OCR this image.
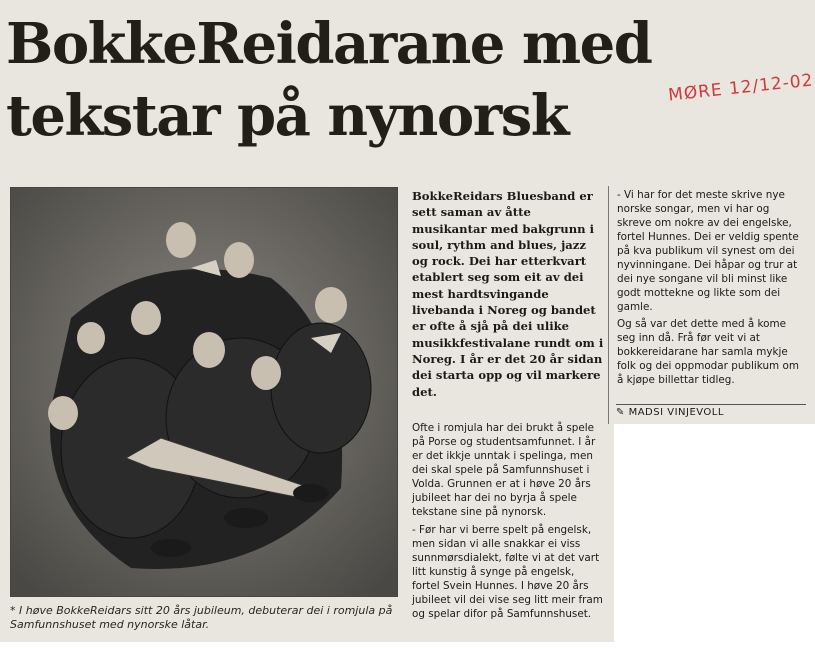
BokkeReidarane med
tekstar på nynorsk	MØRE 12/12-02
* I høve BokkeReidars sitt 20 års jubileum, debuterar dei i romjula på Samfunnshuset med nynorske låtar.
BokkeReidars Bluesband er sett saman av åtte musikantar med bakgrunn i soul, rythm and blues, jazz og rock. Dei har etterkvart etablert seg som eit av dei mest hardtsvingande livebanda i Noreg og bandet er ofte å sjå på dei ulike musikkfestivalane rundt om i Noreg. I år er det 20 år sidan dei starta opp og vil markere det.

Ofte i romjula har dei brukt å spele på Porse og studentsamfunnet. I år er det ikkje unntak i spelinga, men dei skal spele på Samfunnshuset i Volda. Grunnen er at i høve 20 års jubileet har dei no byrja å spele tekstane sine på nynorsk.

- Før har vi berre spelt på engelsk, men sidan vi alle snakkar ei viss sunnmørsdialekt, følte vi at det vart litt kunstig å synge på engelsk, fortel Svein Hunnes. I høve 20 års jubileet vil dei vise seg litt meir fram og spelar difor på Samfunnshuset.

- Vi har for det meste skrive nye norske songar, men vi har og skreve om nokre av dei engelske, fortel Hunnes. Dei er veldig spente på kva publikum vil synest om dei nyvinningane. Dei håpar og trur at dei nye songane vil bli minst like godt mottekne og likte som dei gamle.

Og så var det dette med å kome seg inn då. Frå før veit vi at bokkereidarane har samla mykje folk og dei oppmodar publikum om å kjøpe billettar tidleg.

✎ MADSI VINJEVOLL
